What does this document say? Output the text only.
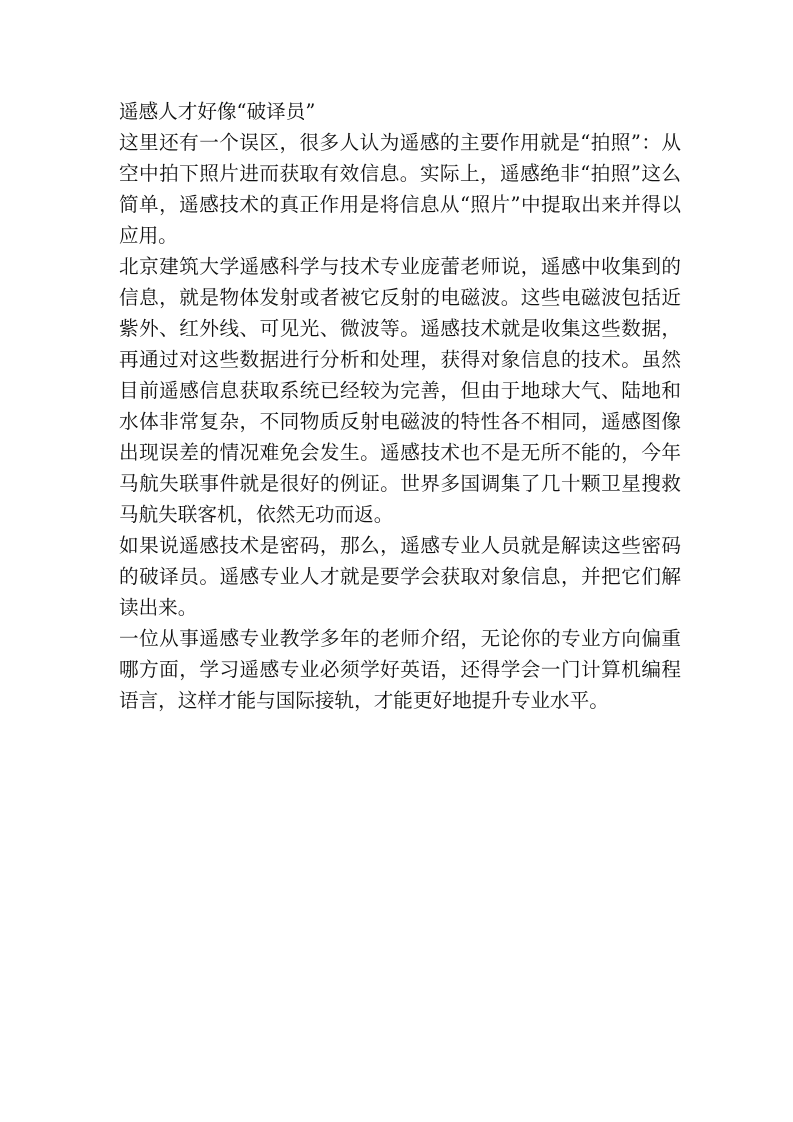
遥感人才好像“破译员”

这里还有一个误区，很多人认为遥感的主要作用就是“拍照”：从空中拍下照片进而获取有效信息。实际上，遥感绝非“拍照”这么简单，遥感技术的真正作用是将信息从“照片”中提取出来并得以应用。

北京建筑大学遥感科学与技术专业庞蕾老师说，遥感中收集到的信息，就是物体发射或者被它反射的电磁波。这些电磁波包括近紫外、红外线、可见光、微波等。遥感技术就是收集这些数据，再通过对这些数据进行分析和处理，获得对象信息的技术。虽然目前遥感信息获取系统已经较为完善，但由于地球大气、陆地和水体非常复杂，不同物质反射电磁波的特性各不相同，遥感图像出现误差的情况难免会发生。遥感技术也不是无所不能的，今年马航失联事件就是很好的例证。世界多国调集了几十颗卫星搜救马航失联客机，依然无功而返。

如果说遥感技术是密码，那么，遥感专业人员就是解读这些密码的破译员。遥感专业人才就是要学会获取对象信息，并把它们解读出来。

一位从事遥感专业教学多年的老师介绍，无论你的专业方向偏重哪方面，学习遥感专业必须学好英语，还得学会一门计算机编程语言，这样才能与国际接轨，才能更好地提升专业水平。
